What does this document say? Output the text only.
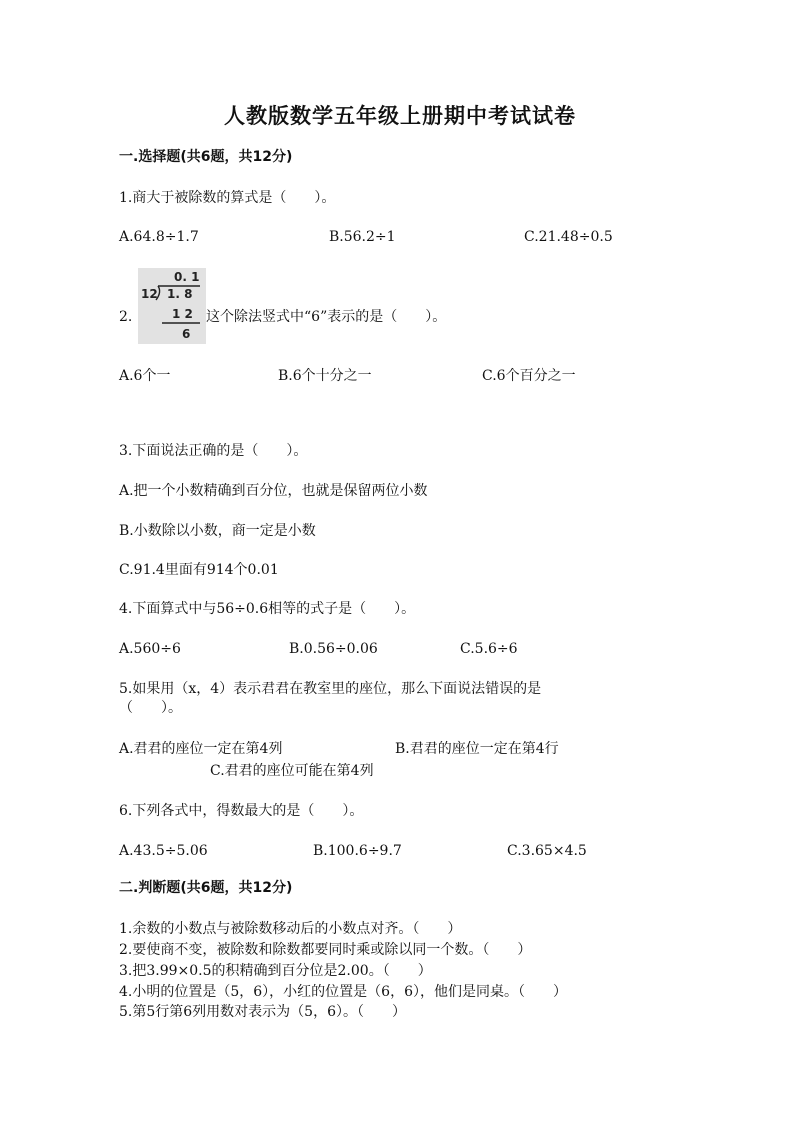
人教版数学五年级上册期中考试试卷
一.选择题(共6题，共12分)
1.商大于被除数的算式是（　　）。
A.64.8÷1.7	B.56.2÷1	C.21.48÷0.5
2.
0. 1
12 1. 8
1 2
6
这个除法竖式中“6”表示的是（　　）。
A.6个一	B.6个十分之一	C.6个百分之一
3.下面说法正确的是（　　）。
A.把一个小数精确到百分位，也就是保留两位小数
B.小数除以小数，商一定是小数
C.91.4里面有914个0.01
4.下面算式中与56÷0.6相等的式子是（　　）。
A.560÷6	B.0.56÷0.06	C.5.6÷6
5.如果用（x，4）表示君君在教室里的座位，那么下面说法错误的是
（　　）。
A.君君的座位一定在第4列	B.君君的座位一定在第4行
C.君君的座位可能在第4列
6.下列各式中，得数最大的是（　　）。
A.43.5÷5.06	B.100.6÷9.7	C.3.65×4.5
二.判断题(共6题，共12分)
1.余数的小数点与被除数移动后的小数点对齐。（　　）
2.要使商不变，被除数和除数都要同时乘或除以同一个数。（　　）
3.把3.99×0.5的积精确到百分位是2.00。（　　）
4.小明的位置是（5，6），小红的位置是（6，6），他们是同桌。（　　）
5.第5行第6列用数对表示为（5，6）。（　　）
